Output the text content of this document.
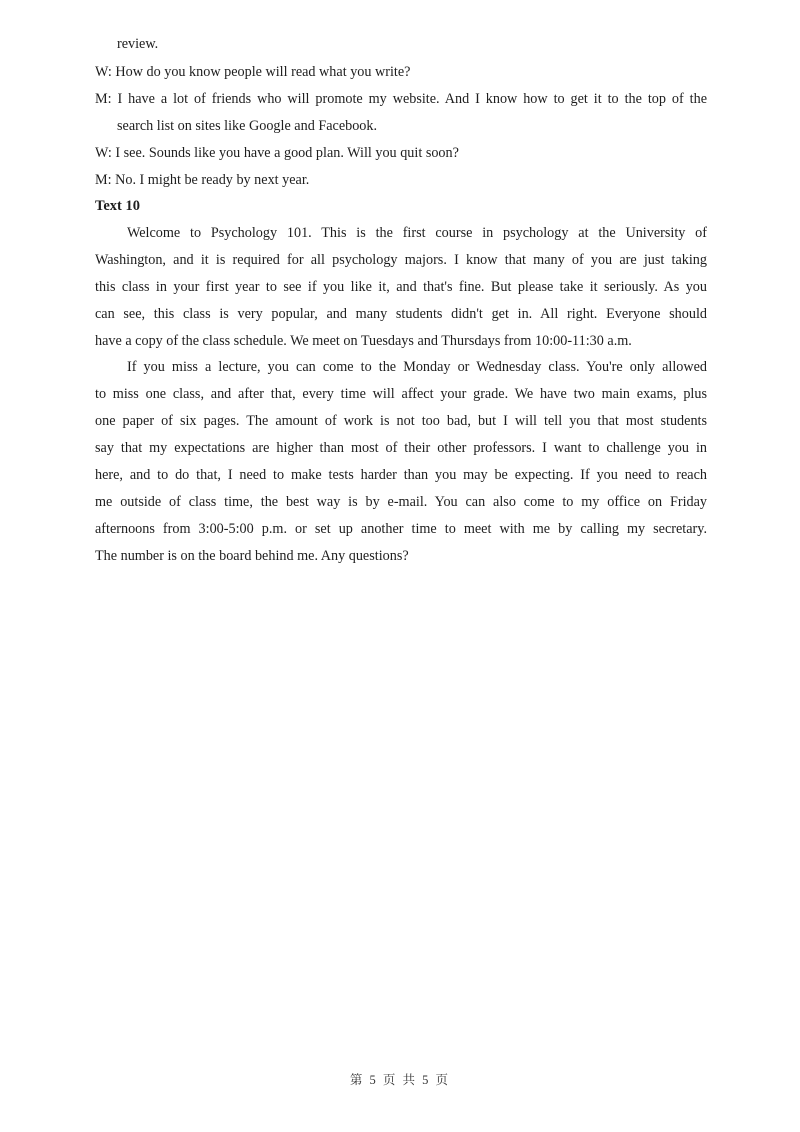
review.
W: How do you know people will read what you write?
M: I have a lot of friends who will promote my website. And I know how to get it to the top of the
search list on sites like Google and Facebook.
W: I see. Sounds like you have a good plan. Will you quit soon?
M: No. I might be ready by next year.
Text 10
Welcome to Psychology 101. This is the first course in psychology at the University of
Washington, and it is required for all psychology majors. I know that many of you are just taking
this class in your first year to see if you like it, and that's fine. But please take it seriously. As you
can see, this class is very popular, and many students didn't get in. All right. Everyone should
have a copy of the class schedule. We meet on Tuesdays and Thursdays from 10:00-11:30 a.m.
If you miss a lecture, you can come to the Monday or Wednesday class. You're only allowed
to miss one class, and after that, every time will affect your grade. We have two main exams, plus
one paper of six pages. The amount of work is not too bad, but I will tell you that most students
say that my expectations are higher than most of their other professors. I want to challenge you in
here, and to do that, I need to make tests harder than you may be expecting. If you need to reach
me outside of class time, the best way is by e-mail. You can also come to my office on Friday
afternoons from 3:00-5:00 p.m. or set up another time to meet with me by calling my secretary.
The number is on the board behind me. Any questions?
第 5 页 共 5 页
